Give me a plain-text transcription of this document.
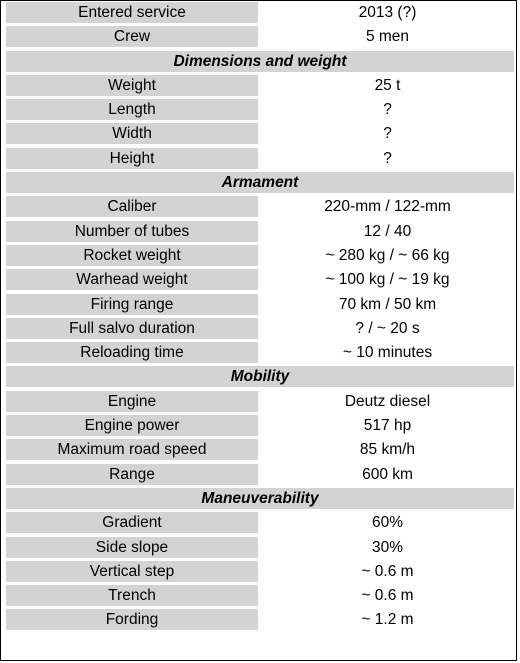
Entered service	2013 (?)
Crew	5 men
Dimensions and weight
Weight	25 t
Length	?
Width	?
Height	?
Armament
Caliber	220-mm / 122-mm
Number of tubes	12 / 40
Rocket weight	~ 280 kg / ~ 66 kg
Warhead weight	~ 100 kg / ~ 19 kg
Firing range	70 km / 50 km
Full salvo duration	? / ~ 20 s
Reloading time	~ 10 minutes
Mobility
Engine	Deutz diesel
Engine power	517 hp
Maximum road speed	85 km/h
Range	600 km
Maneuverability
Gradient	60%
Side slope	30%
Vertical step	~ 0.6 m
Trench	~ 0.6 m
Fording	~ 1.2 m
